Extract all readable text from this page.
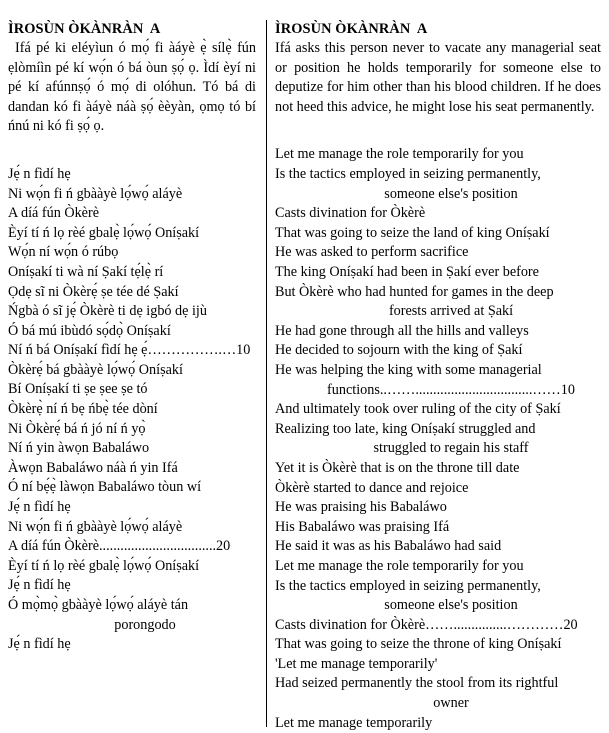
ÌROSÙN ÒKÀNRÀN  A

Ifá pé ki eléyìun ó mọ́ fi àáyè ẹ̀ sílẹ̀ fún ẹlòmíìn pé kí wọ́n ó bá òun ṣọ́ ọ. Ìdí èyí ni pé kí afúnnṣọ́ ó mọ́ di olóhun. Tó bá di dandan kó fi àáyè náà ṣọ́ èèyàn, ọmọ tó bí ńnú ni kó fi ṣọ́ ọ.

Jẹ́ n fìdí hẹ
Ni wọ́n fi ń gbààyè lọ́wọ́ aláyè
A díá fún Òkèrè
Èyí tí ń lọ rèé gbalẹ̀ lọ́wọ́ Oníṣakí
Wọ́n ní wọ́n ó rúbọ
Oníṣakí ti wà ní Ṣakí tẹ́lẹ̀ rí
Ọdẹ sĩ ni Òkèrẹ́ ṣe tée dé Ṣakí
Ńgbà ó sĩ jẹ́ Òkèrè ti dẹ igbó dẹ ijù
Ó bá mú ibùdó sọ́dọ̀ Oníṣakí
Ní ń bá Oníṣakí fìdí hẹ ẹ́…………….…10
Òkèrẹ́ bá gbààyè lọ́wọ́ Oníṣakí
Bí Oníṣakí ti ṣe ṣee ṣe tó
Òkèrẹ̀ ní ń bẹ ńbẹ̀ tée dòní
Ni Òkèrẹ́ bá ń jó ní ń yọ̀
Ní ń yin àwọn Babaláwo
Àwọn Babaláwo náà ń yin Ifá
Ó ní bẹ́ẹ̀ làwọn Babaláwo tòun wí
Jẹ́ n fìdí hẹ
Ni wọ́n fi ń gbààyè lọ́wọ́ aláyè
A díá fún Òkèrè.................................20
Èyí tí ń lọ rèé gbalẹ̀ lọ́wọ́ Oníṣakí
Jẹ́ n fìdí hẹ
Ó mọ̀mọ̀ gbààyè lọ́wọ́ aláyè tán
porongodo
Jẹ́ n fìdí hẹ
ÌROSÙN ÒKÀNRÀN  A

Ifá asks this person never to vacate any managerial seat or position he holds temporarily for someone else to deputize for him other than his blood children. If he does not heed this advice, he might lose his seat permanently.

Let me manage the role temporarily for you
Is the tactics employed in seizing permanently,
someone else's position
Casts divination for Òkèrè
That was going to seize the land of king Oníṣakí
He was asked to perform sacrifice
The king Oníṣakí had been in Ṣakí ever before
But Òkèrè who had hunted for games in the deep
forests arrived at Ṣakí
He had gone through all the hills and valleys
He decided to sojourn with the king of Ṣakí
He was helping the king with some managerial
functions..…….................................……10
And ultimately took over ruling of the city of Ṣakí
Realizing too late, king Oníṣakí struggled and
struggled to regain his staff
Yet it is Òkèrè that is on the throne till date
Òkèrè started to dance and rejoice
He was praising his Babaláwo
His Babaláwo was praising Ifá
He said it was as his Babaláwo had said
Let me manage the role temporarily for you
Is the tactics employed in seizing permanently,
someone else's position
Casts divination for Òkèrè……...............…………20
That was going to seize the throne of king Oníṣakí
'Let me manage temporarily'
Had seized permanently the stool from its rightful
owner
Let me manage temporarily
